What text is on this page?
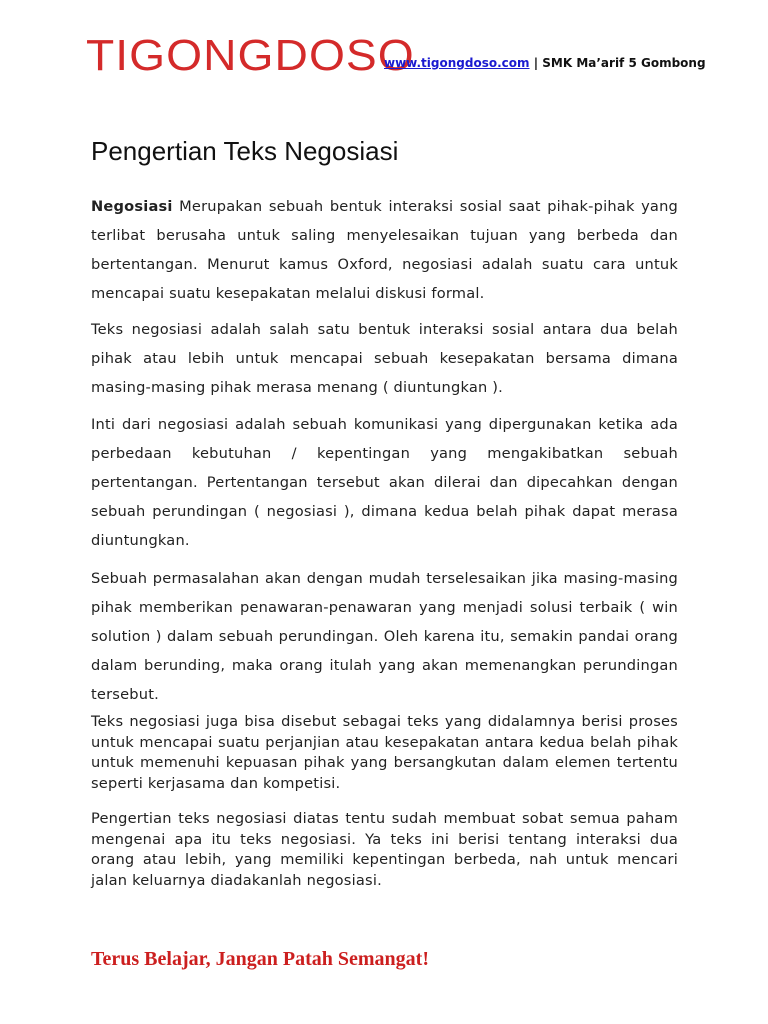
TIGONGDOSO
www.tigongdoso.com | SMK Ma’arif 5 Gombong
Pengertian Teks Negosiasi

Negosiasi Merupakan sebuah bentuk interaksi sosial saat pihak-pihak yang terlibat berusaha untuk saling menyelesaikan tujuan yang berbeda dan bertentangan. Menurut kamus Oxford, negosiasi adalah suatu cara untuk mencapai suatu kesepakatan melalui diskusi formal.

Teks negosiasi adalah salah satu bentuk interaksi sosial antara dua belah pihak atau lebih untuk mencapai sebuah kesepakatan bersama dimana masing-masing pihak merasa menang ( diuntungkan ).

Inti dari negosiasi adalah sebuah komunikasi yang dipergunakan ketika ada perbedaan kebutuhan / kepentingan yang mengakibatkan sebuah pertentangan. Pertentangan tersebut akan dilerai dan dipecahkan dengan sebuah perundingan ( negosiasi ), dimana kedua belah pihak dapat merasa diuntungkan.

Sebuah permasalahan akan dengan mudah terselesaikan jika masing-masing pihak memberikan penawaran-penawaran yang menjadi solusi terbaik ( win solution ) dalam sebuah perundingan. Oleh karena itu, semakin pandai orang dalam berunding, maka orang itulah yang akan memenangkan perundingan tersebut.

Teks negosiasi juga bisa disebut sebagai teks yang didalamnya berisi proses untuk mencapai suatu perjanjian atau kesepakatan antara kedua belah pihak untuk memenuhi kepuasan pihak yang bersangkutan dalam elemen tertentu seperti kerjasama dan kompetisi.

Pengertian teks negosiasi diatas tentu sudah membuat sobat semua paham mengenai apa itu teks negosiasi. Ya teks ini berisi tentang interaksi dua orang atau lebih, yang memiliki kepentingan berbeda, nah untuk mencari jalan keluarnya diadakanlah negosiasi.

Terus Belajar, Jangan Patah Semangat!
